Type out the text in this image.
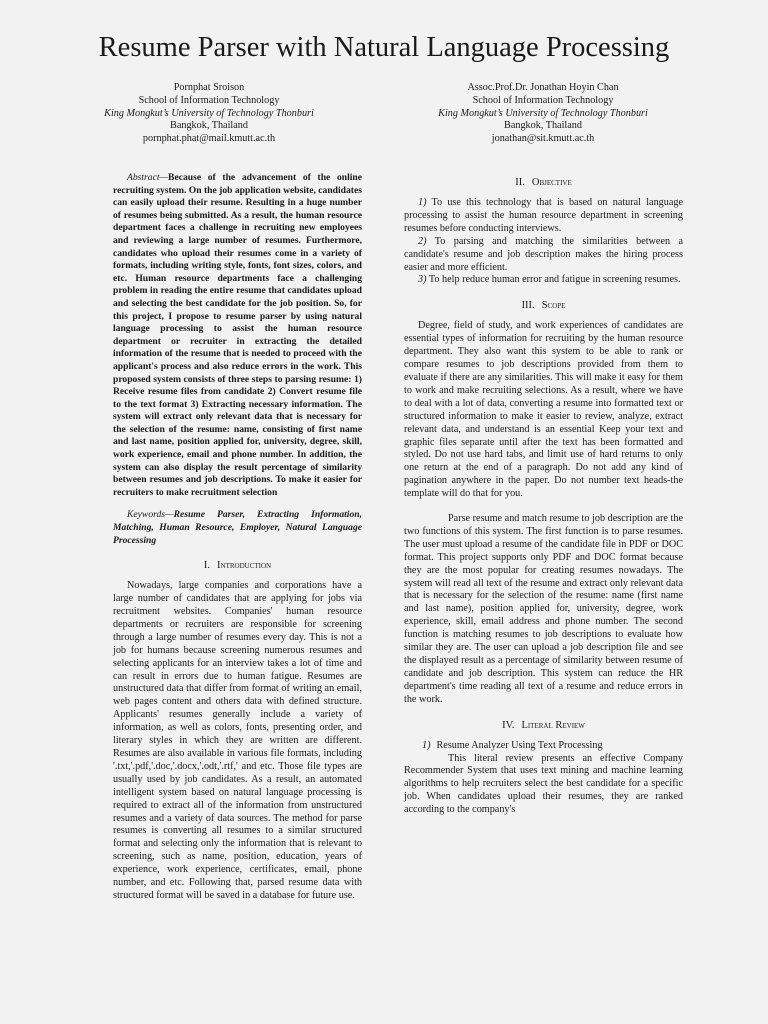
Resume Parser with Natural Language Processing
Pornphat Sroison
School of Information Technology
King Mongkut’s University of Technology Thonburi
Bangkok, Thailand
pornphat.phat@mail.kmutt.ac.th
Assoc.Prof.Dr. Jonathan Hoyin Chan
School of Information Technology
King Mongkut’s University of Technology Thonburi
Bangkok, Thailand
jonathan@sit.kmutt.ac.th

Abstract—Because of the advancement of the online recruiting system. On the job application website, candidates can easily upload their resume. Resulting in a huge number of resumes being submitted. As a result, the human resource department faces a challenge in recruiting new employees and reviewing a large number of resumes. Furthermore, candidates who upload their resumes come in a variety of formats, including writing style, fonts, font sizes, colors, and etc. Human resource departments face a challenging problem in reading the entire resume that candidates upload and selecting the best candidate for the job position. So, for this project, I propose to resume parser by using natural language processing to assist the human resource department or recruiter in extracting the detailed information of the resume that is needed to proceed with the applicant's process and also reduce errors in the work. This proposed system consists of three steps to parsing resume: 1) Receive resume files from candidate 2) Convert resume file to the text format 3) Extracting necessary information. The system will extract only relevant data that is necessary for the selection of the resume: name, consisting of first name and last name, position applied for, university, degree, skill, work experience, email and phone number. In addition, the system can also display the result percentage of similarity between resumes and job descriptions. To make it easier for recruiters to make recruitment selection

Keywords—Resume Parser, Extracting Information, Matching, Human Resource, Employer, Natural Language Processing

I. Introduction

Nowadays, large companies and corporations have a large number of candidates that are applying for jobs via recruitment websites. Companies' human resource departments or recruiters are responsible for screening through a large number of resumes every day. This is not a job for humans because screening numerous resumes and selecting applicants for an interview takes a lot of time and can result in errors due to human fatigue. Resumes are unstructured data that differ from format of writing an email, web pages content and others data with defined structure. Applicants' resumes generally include a variety of information, as well as colors, fonts, presenting order, and literary styles in which they are written are different. Resumes are also available in various file formats, including '.txt,'.pdf,'.doc,'.docx,'.odt,'.rtf,' and etc. Those file types are usually used by job candidates. As a result, an automated intelligent system based on natural language processing is required to extract all of the information from unstructured resumes and a variety of data sources. The method for parse resumes is converting all resumes to a similar structured format and selecting only the information that is relevant to screening, such as name, position, education, years of experience, work experience, certificates, email, phone number, and etc. Following that, parsed resume data with structured format will be saved in a database for future use.

II. Objective

1) To use this technology that is based on natural language processing to assist the human resource department in screening resumes before conducting interviews.

2) To parsing and matching the similarities between a candidate's resume and job description makes the hiring process easier and more efficient.

3) To help reduce human error and fatigue in screening resumes.

III. Scope

Degree, field of study, and work experiences of candidates are essential types of information for recruiting by the human resource department. They also want this system to be able to rank or compare resumes to job descriptions provided from them to evaluate if there are any similarities. This will make it easy for them to work and make recruiting selections. As a result, where we have to deal with a lot of data, converting a resume into formatted text or structured information to make it easier to review, analyze, extract relevant data, and understand is an essential Keep your text and graphic files separate until after the text has been formatted and styled. Do not use hard tabs, and limit use of hard returns to only one return at the end of a paragraph. Do not add any kind of pagination anywhere in the paper. Do not number text heads-the template will do that for you.

Parse resume and match resume to job description are the two functions of this system. The first function is to parse resumes. The user must upload a resume of the candidate file in PDF or DOC format. This project supports only PDF and DOC format because they are the most popular for creating resumes nowadays. The system will read all text of the resume and extract only relevant data that is necessary for the selection of the resume: name (first name and last name), position applied for, university, degree, work experience, skill, email address and phone number. The second function is matching resumes to job descriptions to evaluate how similar they are. The user can upload a job description file and see the displayed result as a percentage of similarity between resume of candidate and job description. This system can reduce the HR department's time reading all text of a resume and reduce errors in the work.

IV. Literal Review
1) Resume Analyzer Using Text Processing

This literal review presents an effective Company Recommender System that uses text mining and machine learning algorithms to help recruiters select the best candidate for a specific job. When candidates upload their resumes, they are ranked according to the company's
